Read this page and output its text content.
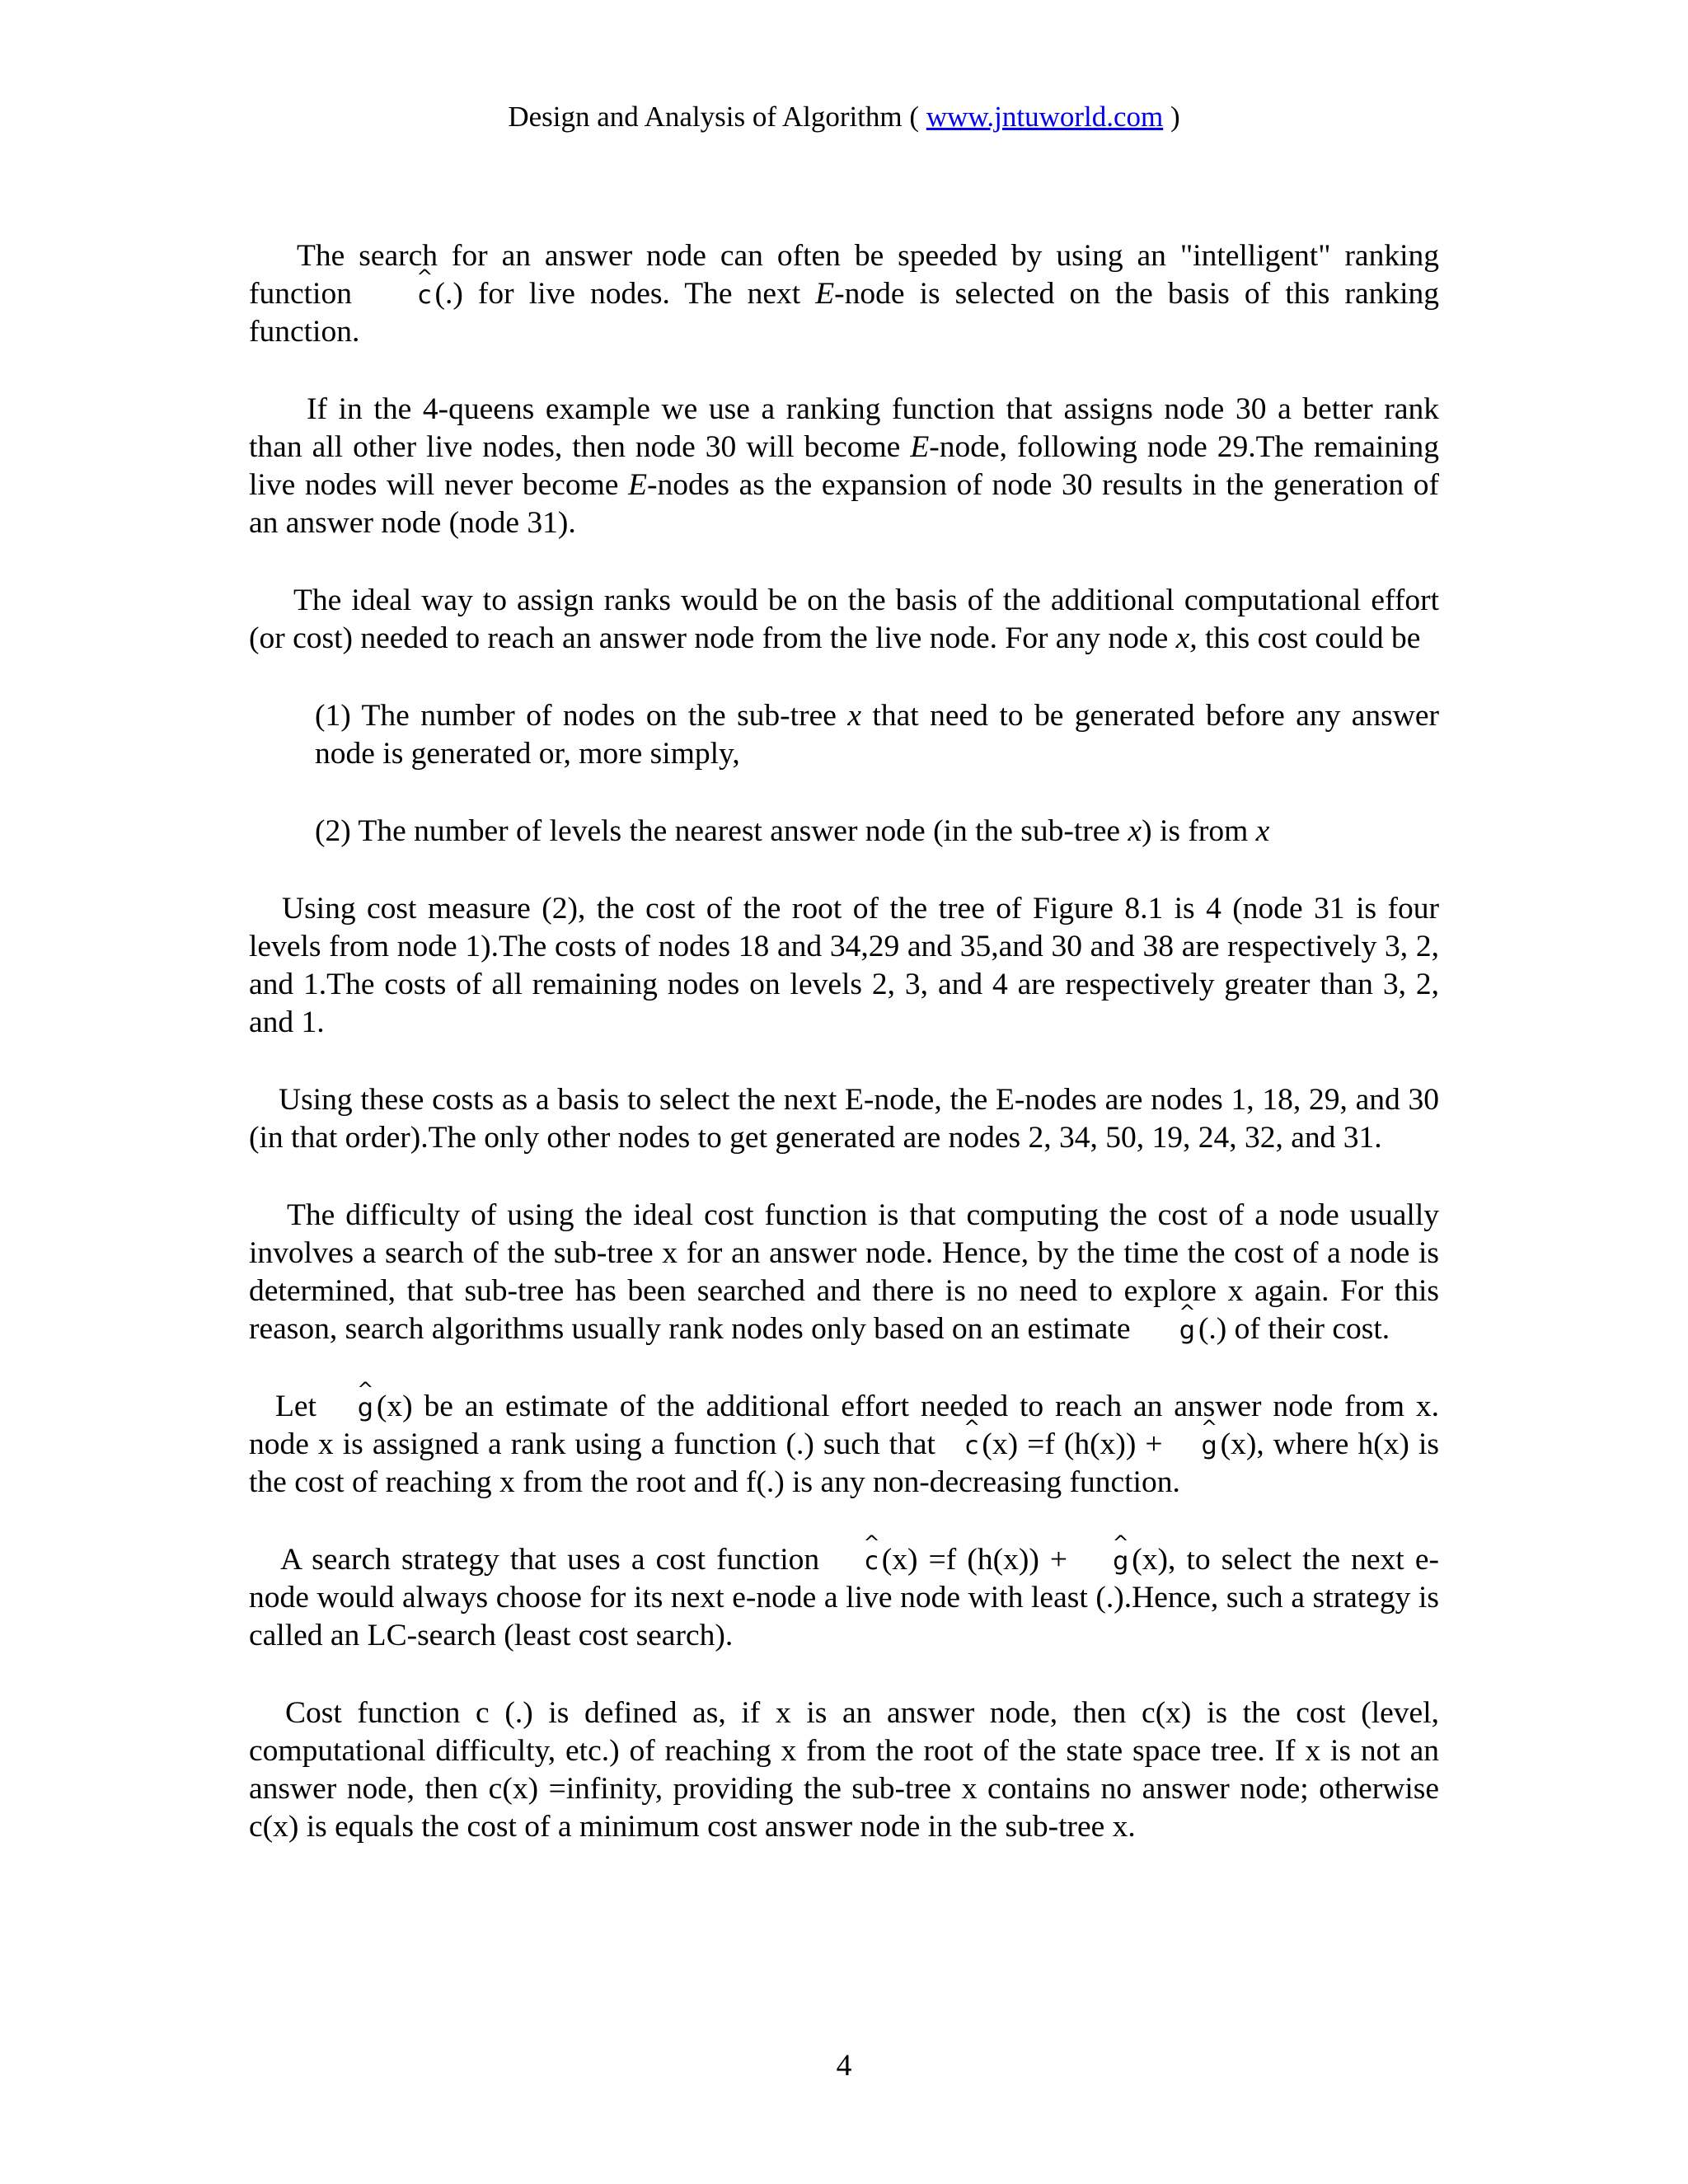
Design and Analysis of Algorithm ( www.jntuworld.com )

The search for an answer node can often be speeded by using an "intelligent" ranking function ^ c (.) for live nodes. The next E-node is selected on the basis of this ranking function.

If in the 4-queens example we use a ranking function that assigns node 30 a better rank than all other live nodes, then node 30 will become E-node, following node 29.The remaining live nodes will never become E-nodes as the expansion of node 30 results in the generation of an answer node (node 31).

The ideal way to assign ranks would be on the basis of the additional computational effort (or cost) needed to reach an answer node from the live node. For any node x, this cost could be

(1) The number of nodes on the sub-tree x that need to be generated before any answer node is generated or, more simply,

(2) The number of levels the nearest answer node (in the sub-tree x) is from x

Using cost measure (2), the cost of the root of the tree of Figure 8.1 is 4 (node 31 is four levels from node 1).The costs of nodes 18 and 34,29 and 35,and 30 and 38 are respectively 3, 2, and 1.The costs of all remaining nodes on levels 2, 3, and 4 are respectively greater than 3, 2, and 1.

Using these costs as a basis to select the next E-node, the E-nodes are nodes 1, 18, 29, and 30 (in that order).The only other nodes to get generated are nodes 2, 34, 50, 19, 24, 32, and 31.

The difficulty of using the ideal cost function is that computing the cost of a node usually involves a search of the sub-tree x for an answer node. Hence, by the time the cost of a node is determined, that sub-tree has been searched and there is no need to explore x again. For this reason, search algorithms usually rank nodes only based on an estimate ^ g (.) of their cost.

Let ^ g (x) be an estimate of the additional effort needed to reach an answer node from x. node x is assigned a rank using a function (.) such that^ c (x) =f (h(x)) + ^ g (x), where h(x) is the cost of reaching x from the root and f(.) is any non-decreasing function.

A search strategy that uses a cost function ^ c (x) =f (h(x)) + ^ g (x), to select the next e-node would always choose for its next e-node a live node with least (.).Hence, such a strategy is called an LC-search (least cost search).

Cost function c (.) is defined as, if x is an answer node, then c(x) is the cost (level, computational difficulty, etc.) of reaching x from the root of the state space tree. If x is not an answer node, then c(x) =infinity, providing the sub-tree x contains no answer node; otherwise c(x) is equals the cost of a minimum cost answer node in the sub-tree x.

4
